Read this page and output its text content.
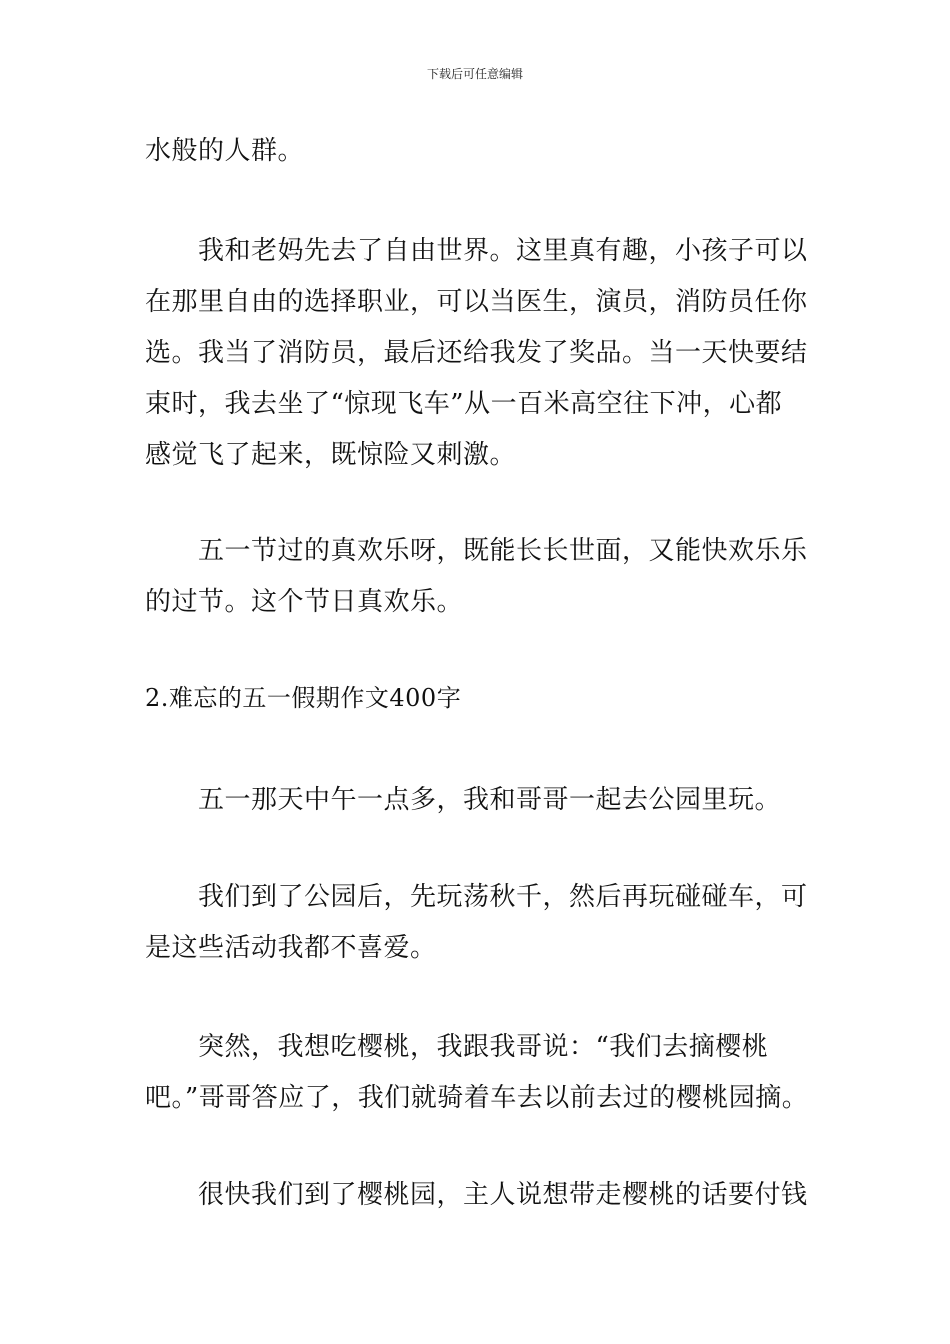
下载后可任意编辑

水般的人群。

我和老妈先去了自由世界。这里真有趣，小孩子可以
在那里自由的选择职业，可以当医生，演员，消防员任你
选。我当了消防员，最后还给我发了奖品。当一天快要结
束时，我去坐了“惊现飞车”从一百米高空往下冲，心都
感觉飞了起来，既惊险又刺激。

五一节过的真欢乐呀，既能长长世面，又能快欢乐乐
的过节。这个节日真欢乐。

2.难忘的五一假期作文400字

五一那天中午一点多，我和哥哥一起去公园里玩。

我们到了公园后，先玩荡秋千，然后再玩碰碰车，可
是这些活动我都不喜爱。

突然，我想吃樱桃，我跟我哥说：“我们去摘樱桃
吧。”哥哥答应了，我们就骑着车去以前去过的樱桃园摘。

很快我们到了樱桃园，主人说想带走樱桃的话要付钱
